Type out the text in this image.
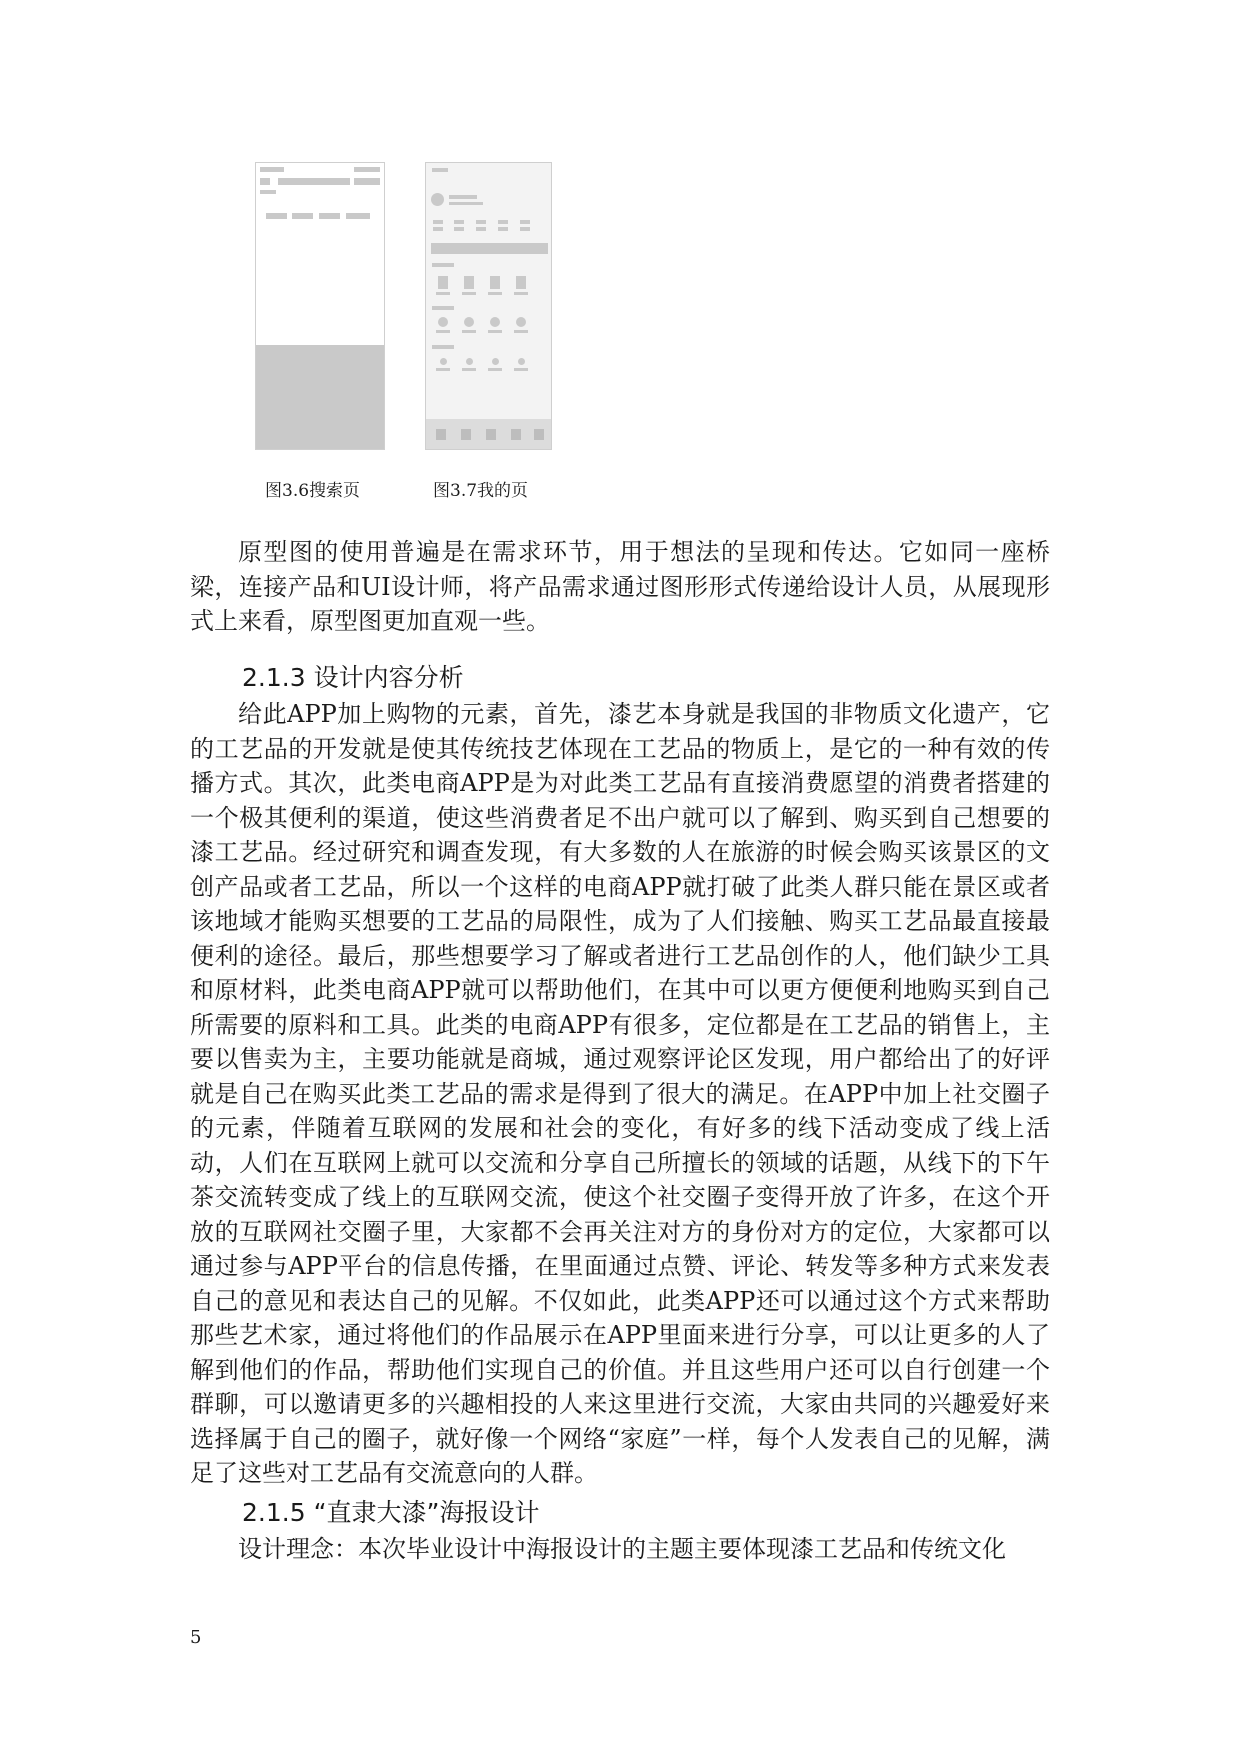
图3.6搜索页	图3.7我的页

原型图的使用普遍是在需求环节，用于想法的呈现和传达。它如同一座桥梁，连接产品和UI设计师，将产品需求通过图形形式传递给设计人员，从展现形式上来看，原型图更加直观一些。

2.1.3 设计内容分析

给此APP加上购物的元素，首先，漆艺本身就是我国的非物质文化遗产，它的工艺品的开发就是使其传统技艺体现在工艺品的物质上，是它的一种有效的传播方式。其次，此类电商APP是为对此类工艺品有直接消费愿望的消费者搭建的一个极其便利的渠道，使这些消费者足不出户就可以了解到、购买到自己想要的漆工艺品。经过研究和调查发现，有大多数的人在旅游的时候会购买该景区的文创产品或者工艺品，所以一个这样的电商APP就打破了此类人群只能在景区或者该地域才能购买想要的工艺品的局限性，成为了人们接触、购买工艺品最直接最便利的途径。最后，那些想要学习了解或者进行工艺品创作的人，他们缺少工具和原材料，此类电商APP就可以帮助他们，在其中可以更方便便利地购买到自己所需要的原料和工具。此类的电商APP有很多，定位都是在工艺品的销售上，主要以售卖为主，主要功能就是商城，通过观察评论区发现，用户都给出了的好评就是自己在购买此类工艺品的需求是得到了很大的满足。在APP中加上社交圈子的元素，伴随着互联网的发展和社会的变化，有好多的线下活动变成了线上活动，人们在互联网上就可以交流和分享自己所擅长的领域的话题，从线下的下午茶交流转变成了线上的互联网交流，使这个社交圈子变得开放了许多，在这个开放的互联网社交圈子里，大家都不会再关注对方的身份对方的定位，大家都可以通过参与APP平台的信息传播，在里面通过点赞、评论、转发等多种方式来发表自己的意见和表达自己的见解。不仅如此，此类APP还可以通过这个方式来帮助那些艺术家，通过将他们的作品展示在APP里面来进行分享，可以让更多的人了解到他们的作品，帮助他们实现自己的价值。并且这些用户还可以自行创建一个群聊，可以邀请更多的兴趣相投的人来这里进行交流，大家由共同的兴趣爱好来选择属于自己的圈子，就好像一个网络“家庭”一样，每个人发表自己的见解，满足了这些对工艺品有交流意向的人群。

2.1.5 “直隶大漆”海报设计

设计理念：本次毕业设计中海报设计的主题主要体现漆工艺品和传统文化

5
